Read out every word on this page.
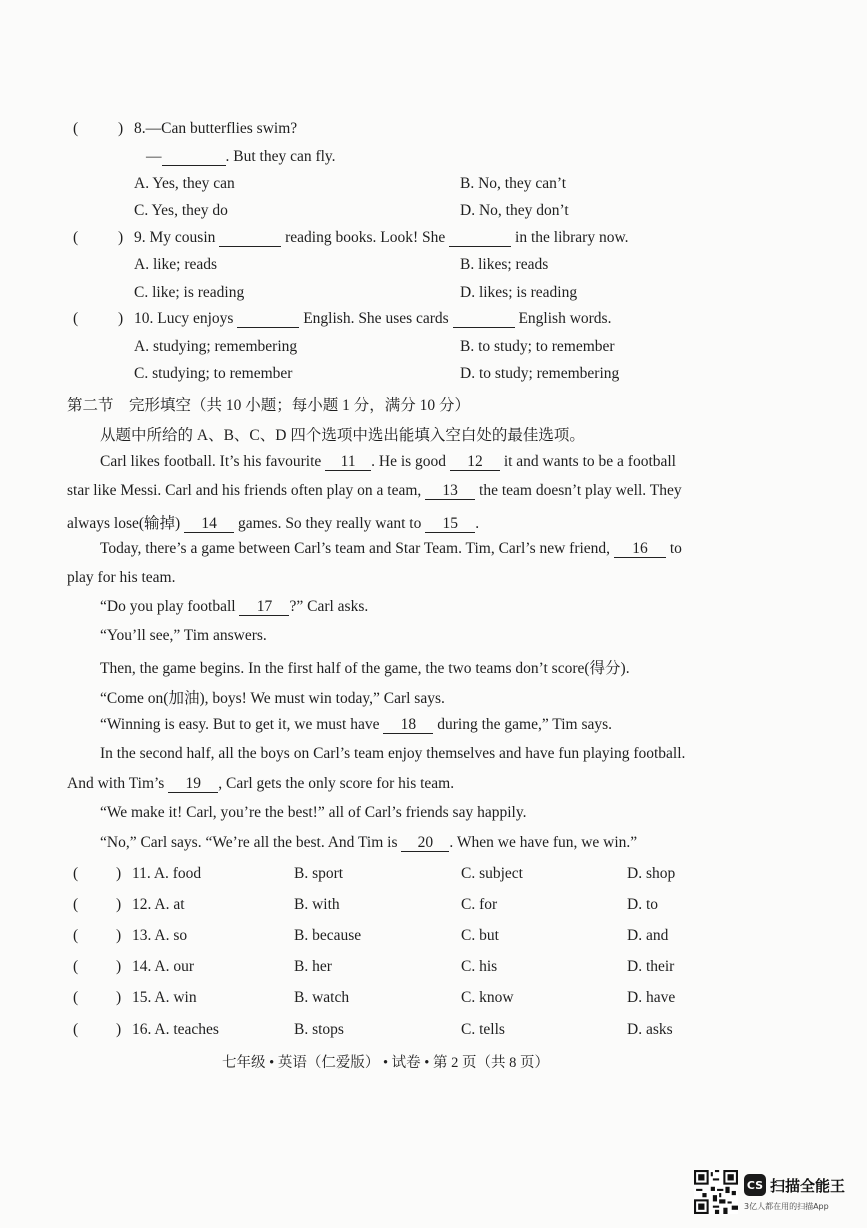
(	) 8.—Can butterflies swim?
—	. But they can fly.
A. Yes, they can	B. No, they can’t
C. Yes, they do	D. No, they don’t
(	) 9. My cousin	reading books. Look! She	in the library now.
A. like; reads	B. likes; reads
C. like; is reading	D. likes; is reading
(	) 10. Lucy enjoys	English. She uses cards	English words.
A. studying; remembering	B. to study; to remember
C. studying; to remember	D. to study; remembering
第二节　完形填空（共 10 小题；每小题 1 分，满分 10 分）
从题中所给的 A、B、C、D 四个选项中选出能填入空白处的最佳选项。
Carl likes football. It’s his favourite 11 . He is good 12 it and wants to be a football
star like Messi. Carl and his friends often play on a team, 13 the team doesn’t play well. They
always lose(输掉) 14 games. So they really want to 15 .
Today, there’s a game between Carl’s team and Star Team. Tim, Carl’s new friend, 16 to
play for his team.
“Do you play football 17 ?” Carl asks.
“You’ll see,” Tim answers.
Then, the game begins. In the first half of the game, the two teams don’t score(得分).
“Come on(加油), boys! We must win today,” Carl says.
“Winning is easy. But to get it, we must have 18 during the game,” Tim says.
In the second half, all the boys on Carl’s team enjoy themselves and have fun playing football.
And with Tim’s 19 , Carl gets the only score for his team.
“We make it! Carl, you’re the best!” all of Carl’s friends say happily.
“No,” Carl says. “We’re all the best. And Tim is 20 . When we have fun, we win.”
( ) 11. A. food	B. sport	C. subject	D. shop
( ) 12. A. at	B. with	C. for	D. to
( ) 13. A. so	B. because	C. but	D. and
( ) 14. A. our	B. her	C. his	D. their
( ) 15. A. win	B. watch	C. know	D. have
( ) 16. A. teaches	B. stops	C. tells	D. asks
七年级 • 英语（仁爱版） • 试卷 • 第 2 页（共 8 页）
CS 扫描全能王
3亿人都在用的扫描App
